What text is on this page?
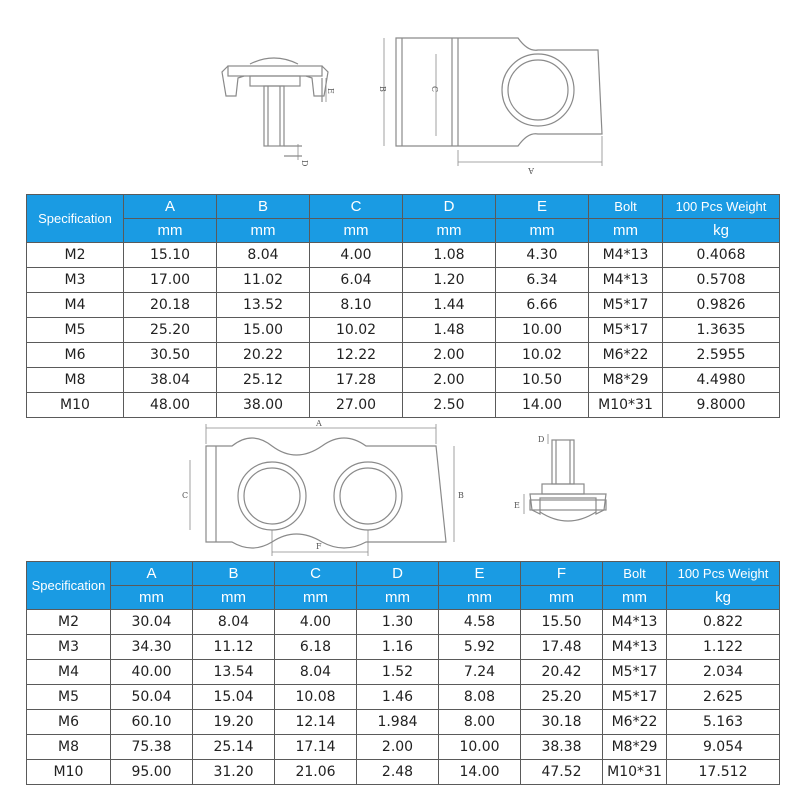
E
D
B	C
A
Specification	A	B	C	D	E	Bolt	100 Pcs Weight
	mm	mm	mm	mm	mm	mm	kg
M2	15.10	8.04	4.00	1.08	4.30	M4*13	0.4068
M3	17.00	11.02	6.04	1.20	6.34	M4*13	0.5708
M4	20.18	13.52	8.10	1.44	6.66	M5*17	0.9826
M5	25.20	15.00	10.02	1.48	10.00	M5*17	1.3635
M6	30.50	20.22	12.22	2.00	10.02	M6*22	2.5955
M8	38.04	25.12	17.28	2.00	10.50	M8*29	4.4980
M10	48.00	38.00	27.00	2.50	14.00	M10*31	9.8000
A
C	B
F
D
E
Specification	A	B	C	D	E	F	Bolt	100 Pcs Weight
	mm	mm	mm	mm	mm	mm	mm	kg
M2	30.04	8.04	4.00	1.30	4.58	15.50	M4*13	0.822
M3	34.30	11.12	6.18	1.16	5.92	17.48	M4*13	1.122
M4	40.00	13.54	8.04	1.52	7.24	20.42	M5*17	2.034
M5	50.04	15.04	10.08	1.46	8.08	25.20	M5*17	2.625
M6	60.10	19.20	12.14	1.984	8.00	30.18	M6*22	5.163
M8	75.38	25.14	17.14	2.00	10.00	38.38	M8*29	9.054
M10	95.00	31.20	21.06	2.48	14.00	47.52	M10*31	17.512
